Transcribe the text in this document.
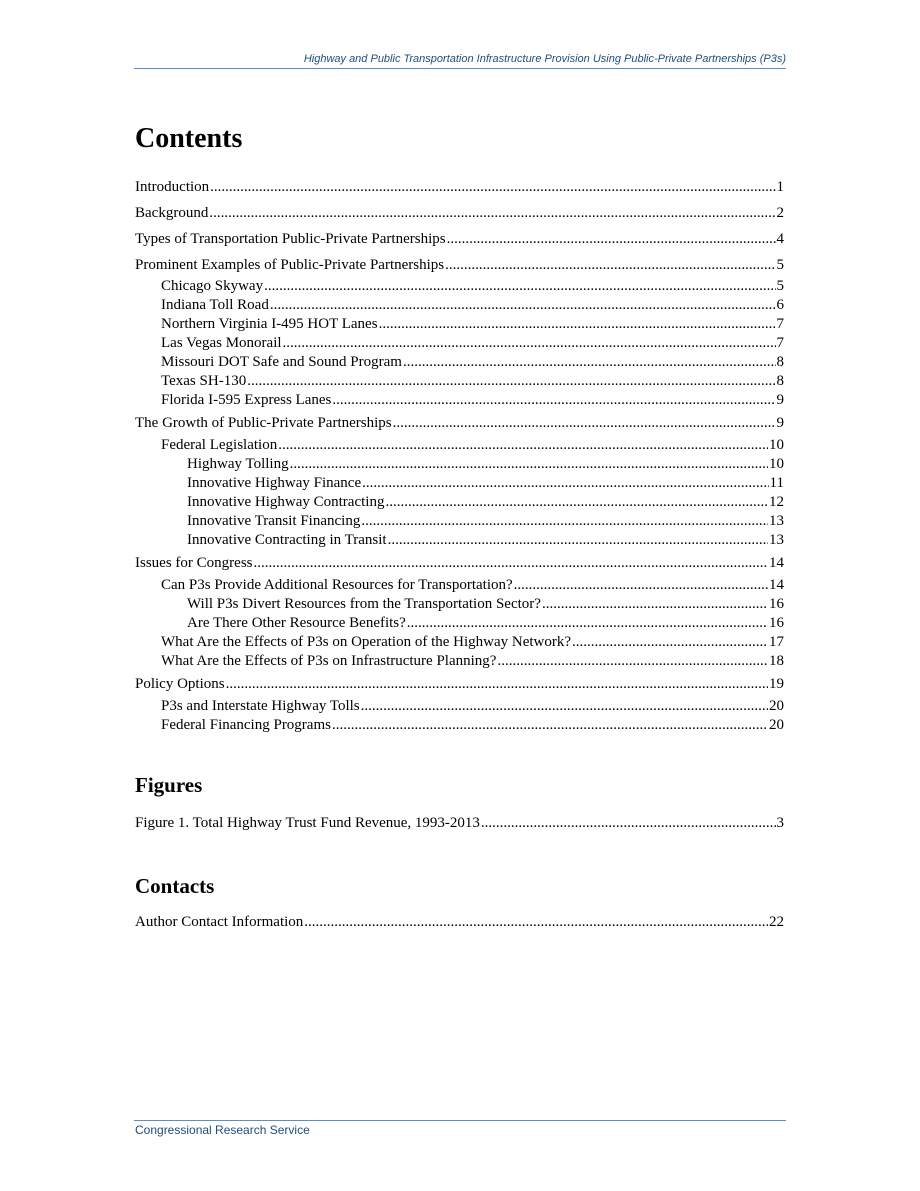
Highway and Public Transportation Infrastructure Provision Using Public-Private Partnerships (P3s)
Contents
Introduction .....	1
Background .....	2
Types of Transportation Public-Private Partnerships .....	4
Prominent Examples of Public-Private Partnerships .....	5
Chicago Skyway .....	5
Indiana Toll Road .....	6
Northern Virginia I-495 HOT Lanes .....	7
Las Vegas Monorail .....	7
Missouri DOT Safe and Sound Program .....	8
Texas SH-130 .....	8
Florida I-595 Express Lanes .....	9
The Growth of Public-Private Partnerships .....	9
Federal Legislation .....	10
Highway Tolling .....	10
Innovative Highway Finance .....	11
Innovative Highway Contracting .....	12
Innovative Transit Financing .....	13
Innovative Contracting in Transit .....	13
Issues for Congress .....	14
Can P3s Provide Additional Resources for Transportation? .....	14
Will P3s Divert Resources from the Transportation Sector? .....	16
Are There Other Resource Benefits? .....	16
What Are the Effects of P3s on Operation of the Highway Network? .....	17
What Are the Effects of P3s on Infrastructure Planning? .....	18
Policy Options .....	19
P3s and Interstate Highway Tolls .....	20
Federal Financing Programs .....	20
Figures
Figure 1. Total Highway Trust Fund Revenue, 1993-2013 .....	3
Contacts
Author Contact Information .....	22
Congressional Research Service
